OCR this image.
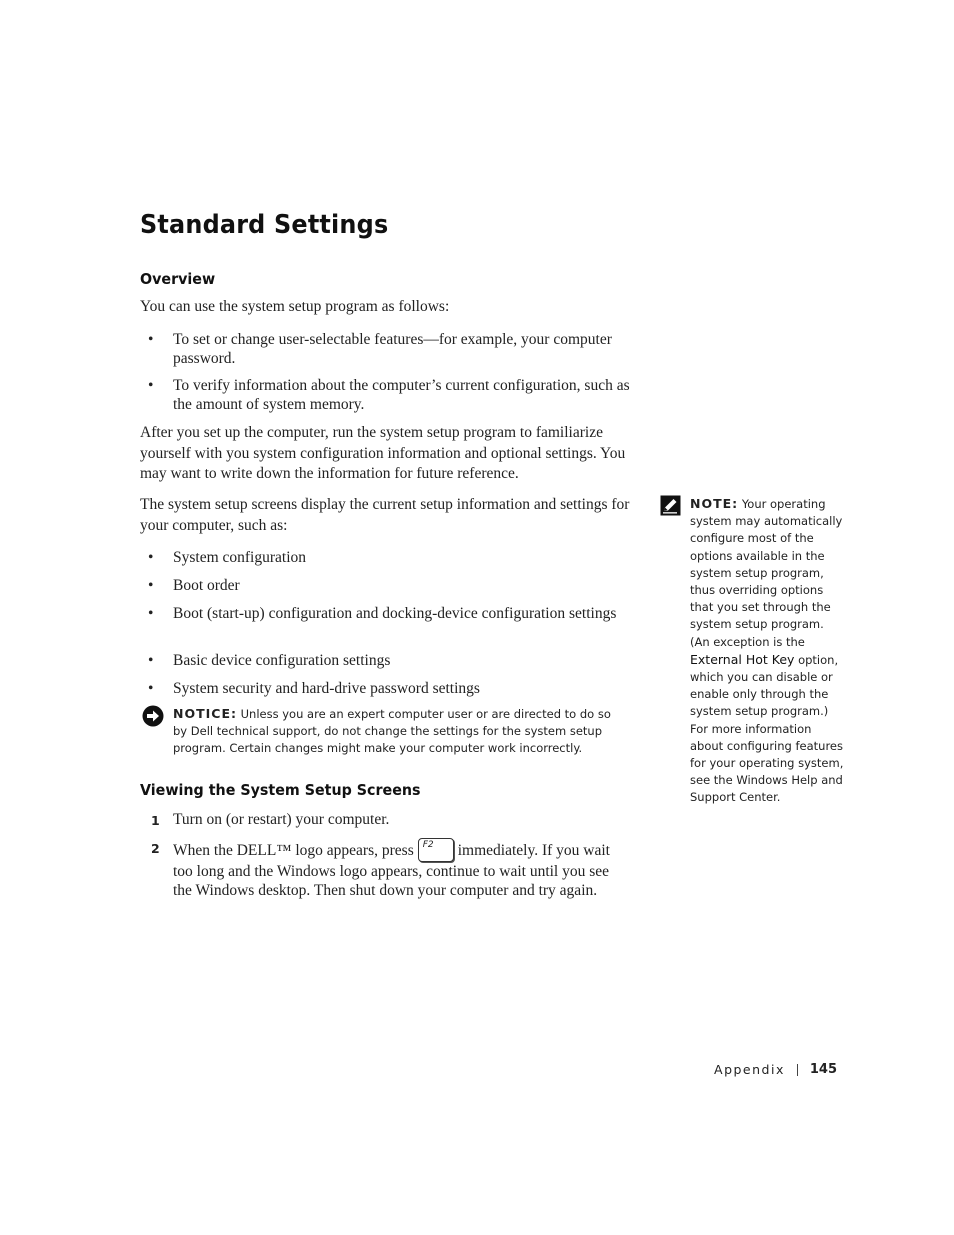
Standard Settings
Overview

You can use the system setup program as follows:

• To set or change user-selectable features—for example, your computer password.
• To verify information about the computer’s current configuration, such as the amount of system memory.

After you set up the computer, run the system setup program to familiarize yourself with you system configuration information and optional settings. You may want to write down the information for future reference.

The system setup screens display the current setup information and settings for your computer, such as:

• System configuration
• Boot order
• Boot (start-up) configuration and docking-device configuration settings
• Basic device configuration settings
• System security and hard-drive password settings
NOTICE: Unless you are an expert computer user or are directed to do so by Dell technical support, do not change the settings for the system setup program. Certain changes might make your computer work incorrectly.
Viewing the System Setup Screens
1 Turn on (or restart) your computer.
2 When the DELL™ logo appears, press F2 immediately. If you wait too long and the Windows logo appears, continue to wait until you see the Windows desktop. Then shut down your computer and try again.
NOTE: Your operating system may automatically configure most of the options available in the system setup program, thus overriding options that you set through the system setup program. (An exception is the External Hot Key option, which you can disable or enable only through the system setup program.) For more information about configuring features for your operating system, see the Windows Help and Support Center.
Appendix 145
